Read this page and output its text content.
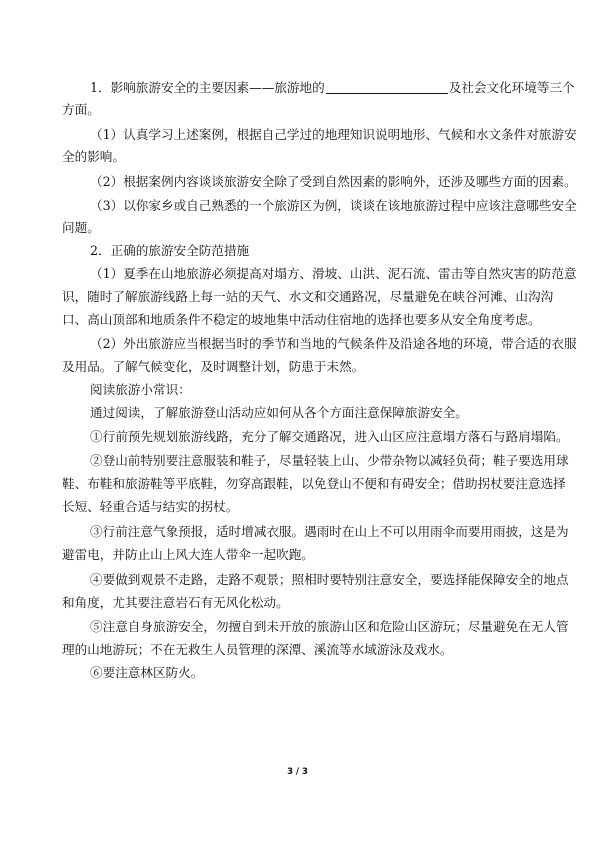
1．影响旅游安全的主要因素——旅游地的	及社会文化环境等三个
方面。
（1）认真学习上述案例，根据自己学过的地理知识说明地形、气候和水文条件对旅游安
全的影响。
（2）根据案例内容谈谈旅游安全除了受到自然因素的影响外，还涉及哪些方面的因素。
（3）以你家乡或自己熟悉的一个旅游区为例，谈谈在该地旅游过程中应该注意哪些安全
问题。
2．正确的旅游安全防范措施
（1）夏季在山地旅游必须提高对塌方、滑坡、山洪、泥石流、雷击等自然灾害的防范意
识，随时了解旅游线路上每一站的天气、水文和交通路况，尽量避免在峡谷河滩、山沟沟
口、高山顶部和地质条件不稳定的坡地集中活动住宿地的选择也要多从安全角度考虑。
（2）外出旅游应当根据当时的季节和当地的气候条件及沿途各地的环境，带合适的衣服
及用品。了解气候变化，及时调整计划，防患于未然。
阅读旅游小常识：
通过阅读，了解旅游登山活动应如何从各个方面注意保障旅游安全。
①行前预先规划旅游线路，充分了解交通路况，进入山区应注意塌方落石与路肩塌陷。
②登山前特别要注意服装和鞋子，尽量轻装上山、少带杂物以减轻负荷；鞋子要选用球
鞋、布鞋和旅游鞋等平底鞋，勿穿高跟鞋，以免登山不便和有碍安全；借助拐杖要注意选择
长短、轻重合适与结实的拐杖。
③行前注意气象预报，适时增减衣服。遇雨时在山上不可以用雨伞而要用雨披，这是为
避雷电，并防止山上风大连人带伞一起吹跑。
④要做到观景不走路，走路不观景；照相时要特别注意安全，要选择能保障安全的地点
和角度，尤其要注意岩石有无风化松动。
⑤注意自身旅游安全，勿擅自到未开放的旅游山区和危险山区游玩；尽量避免在无人管
理的山地游玩；不在无救生人员管理的深潭、溪流等水域游泳及戏水。
⑥要注意林区防火。
3 / 3
